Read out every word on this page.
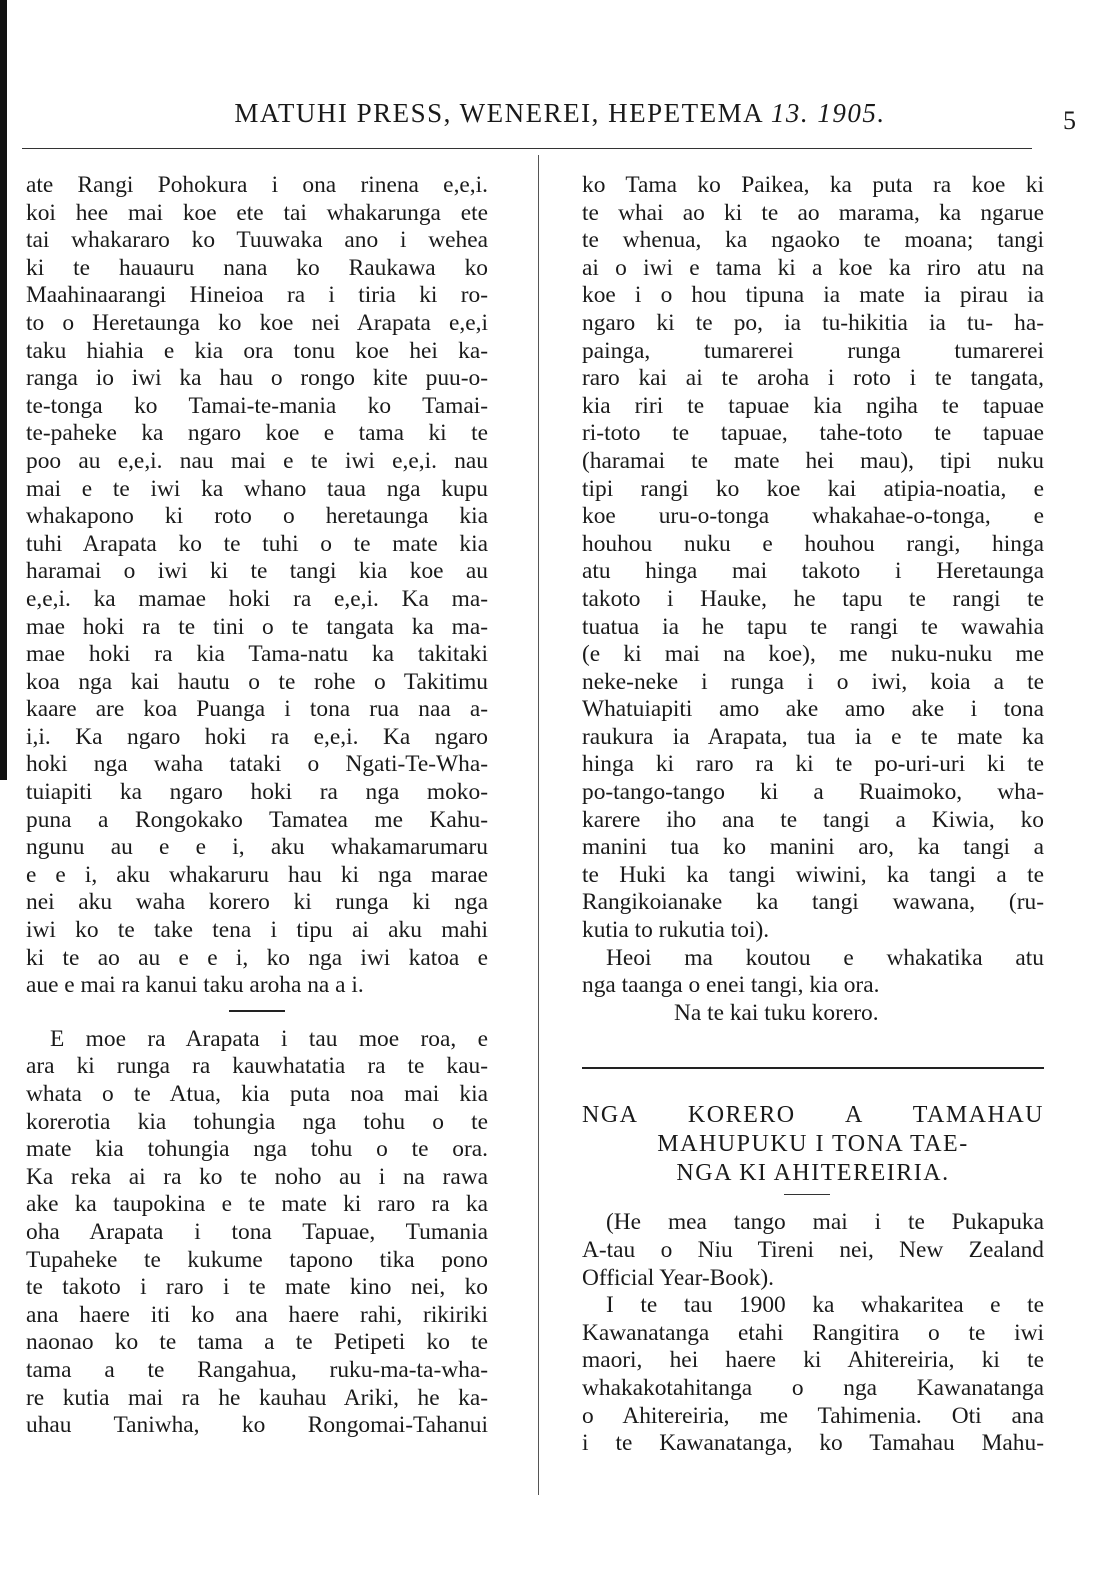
MATUHI PRESS, WENEREI, HEPETEMA 13. 1905.	5
ate Rangi Pohokura i ona rinena e,e,i.
koi hee mai koe ete tai whakarunga ete
tai whakararo ko Tuuwaka ano i wehea
ki te hauauru nana ko Raukawa ko
Maahinaarangi Hineioa ra i tiria ki ro-
to o Heretaunga ko koe nei Arapata e,e,i
taku hiahia e kia ora tonu koe hei ka-
ranga io iwi ka hau o rongo kite puu-o-
te-tonga ko Tamai-te-mania ko Tamai-
te-paheke ka ngaro koe e tama ki te
poo au e,e,i. nau mai e te iwi e,e,i. nau
mai e te iwi ka whano taua nga kupu
whakapono ki roto o heretaunga kia
tuhi Arapata ko te tuhi o te mate kia
haramai o iwi ki te tangi kia koe au
e,e,i. ka mamae hoki ra e,e,i. Ka ma-
mae hoki ra te tini o te tangata ka ma-
mae hoki ra kia Tama-natu ka takitaki
koa nga kai hautu o te rohe o Takitimu
kaare are koa Puanga i tona rua naa a-
i,i. Ka ngaro hoki ra e,e,i. Ka ngaro
hoki nga waha tataki o Ngati-Te-Wha-
tuiapiti ka ngaro hoki ra nga moko-
puna a Rongokako Tamatea me Kahu-
ngunu au e e i, aku whakamarumaru
e e i, aku whakaruru hau ki nga marae
nei aku waha korero ki runga ki nga
iwi ko te take tena i tipu ai aku mahi
ki te ao au e e i, ko nga iwi katoa e
aue e mai ra kanui taku aroha na a i.
E moe ra Arapata i tau moe roa, e
ara ki runga ra kauwhatatia ra te kau-
whata o te Atua, kia puta noa mai kia
korerotia kia tohungia nga tohu o te
mate kia tohungia nga tohu o te ora.
Ka reka ai ra ko te noho au i na rawa
ake ka taupokina e te mate ki raro ra ka
oha Arapata i tona Tapuae, Tumania
Tupaheke te kukume tapono tika pono
te takoto i raro i te mate kino nei, ko
ana haere iti ko ana haere rahi, rikiriki
naonao ko te tama a te Petipeti ko te
tama a te Rangahua, ruku-ma-ta-wha-
re kutia mai ra he kauhau Ariki, he ka-
uhau Taniwha, ko Rongomai-Tahanui
ko Tama ko Paikea, ka puta ra koe ki
te whai ao ki te ao marama, ka ngarue
te whenua, ka ngaoko te moana; tangi
ai o iwi e tama ki a koe ka riro atu na
koe i o hou tipuna ia mate ia pirau ia
ngaro ki te po, ia tu-hikitia ia tu- ha-
painga, tumarerei runga tumarerei
raro kai ai te aroha i roto i te tangata,
kia riri te tapuae kia ngiha te tapuae
ri-toto te tapuae, tahe-toto te tapuae
(haramai te mate hei mau), tipi nuku
tipi rangi ko koe kai atipia-noatia, e
koe uru-o-tonga whakahae-o-tonga, e
houhou nuku e houhou rangi, hinga
atu hinga mai takoto i Heretaunga
takoto i Hauke, he tapu te rangi te
tuatua ia he tapu te rangi te wawahia
(e ki mai na koe), me nuku-nuku me
neke-neke i runga i o iwi, koia a te
Whatuiapiti amo ake amo ake i tona
raukura ia Arapata, tua ia e te mate ka
hinga ki raro ra ki te po-uri-uri ki te
po-tango-tango ki a Ruaimoko, wha-
karere iho ana te tangi a Kiwia, ko
manini tua ko manini aro, ka tangi a
te Huki ka tangi wiwini, ka tangi a te
Rangikoianake ka tangi wawana, (ru-
kutia to rukutia toi).
Heoi ma koutou e whakatika atu
nga taanga o enei tangi, kia ora.
Na te kai tuku korero.
NGA KORERO A TAMAHAU
MAHUPUKU I TONA TAE-
NGA KI AHITEREIRIA.
(He mea tango mai i te Pukapuka
A-tau o Niu Tireni nei, New Zealand
Official Year-Book).
I te tau 1900 ka whakaritea e te
Kawanatanga etahi Rangitira o te iwi
maori, hei haere ki Ahitereiria, ki te
whakakotahitanga o nga Kawanatanga
o Ahitereiria, me Tahimenia. Oti ana
i te Kawanatanga, ko Tamahau Mahu-
